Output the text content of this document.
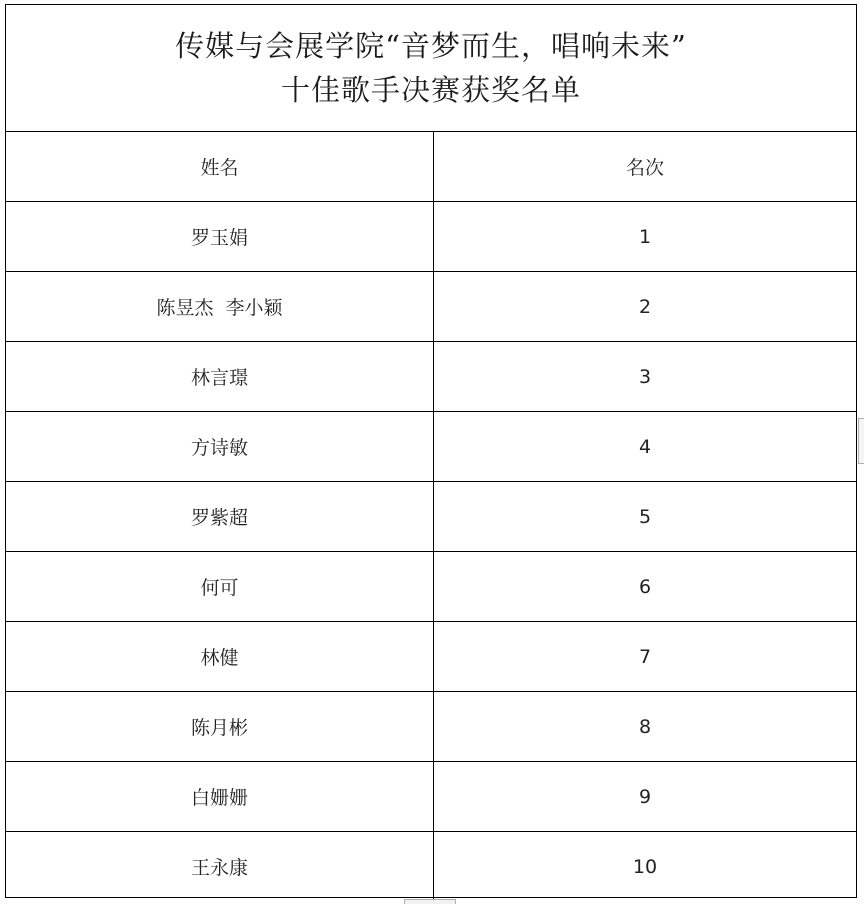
传媒与会展学院“音梦而生，唱响未来”
十佳歌手决赛获奖名单
姓名	名次
罗玉娟	1
陈昱杰  李小颖	2
林言璟	3
方诗敏	4
罗紫超	5
何可	6
林健	7
陈月彬	8
白姗姗	9
王永康	10
